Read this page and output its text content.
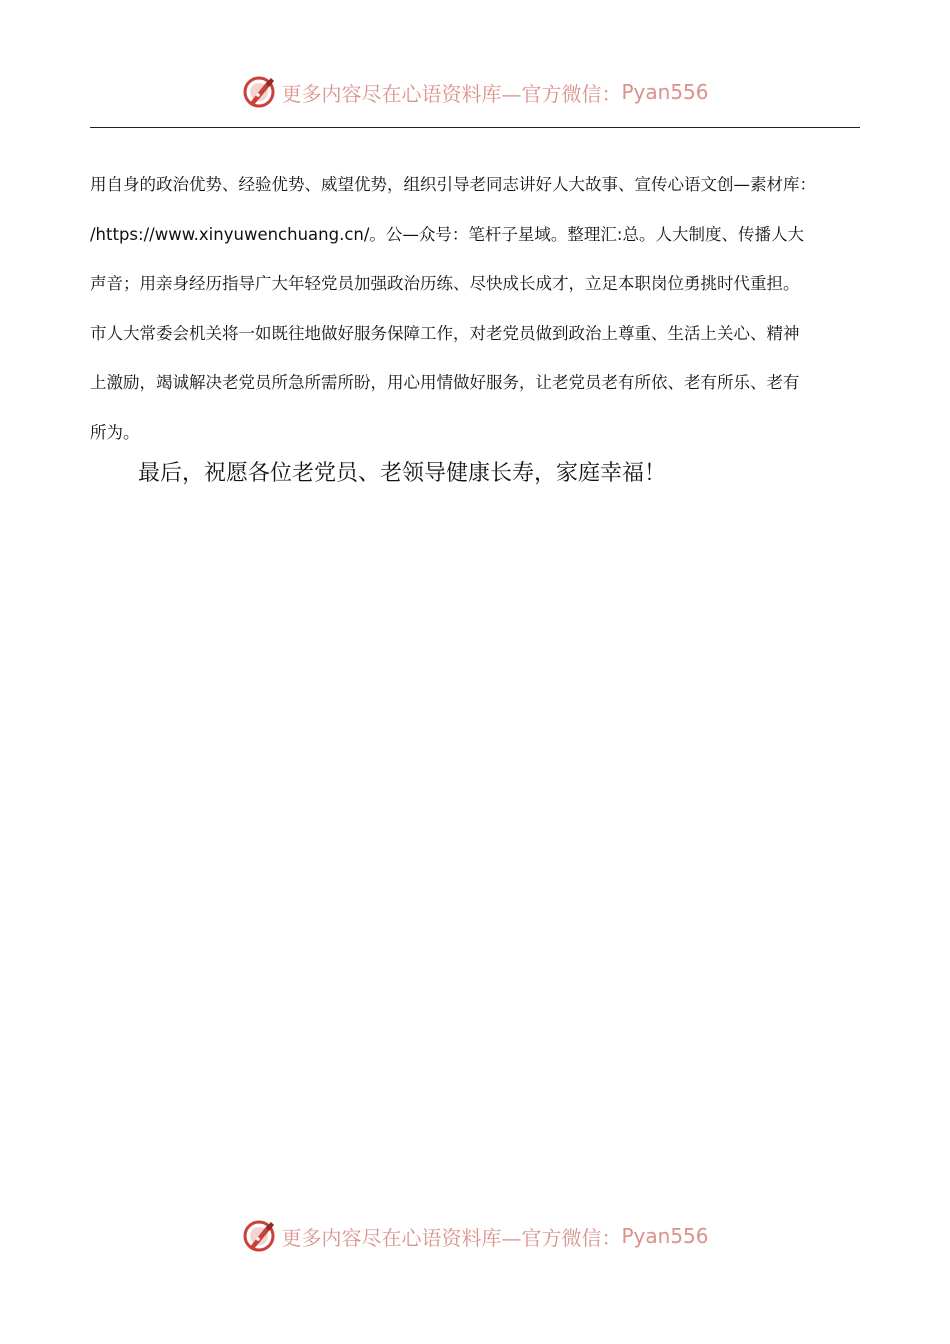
更多内容尽在心语资料库—官方微信： Pyan556
用自身的政治优势、经验优势、威望优势，组织引导老同志讲好人大故事、宣传心语文创—素材库：
/https://www.xinyuwenchuang.cn/。公—众号：笔杆子星域。整理汇:总。人大制度、传播人大
声音；用亲身经历指导广大年轻党员加强政治历练、尽快成长成才，立足本职岗位勇挑时代重担。
市人大常委会机关将一如既往地做好服务保障工作，对老党员做到政治上尊重、生活上关心、精神
上激励，竭诚解决老党员所急所需所盼，用心用情做好服务，让老党员老有所依、老有所乐、老有
所为。
最后，祝愿各位老党员、老领导健康长寿，家庭幸福！
更多内容尽在心语资料库—官方微信： Pyan556
